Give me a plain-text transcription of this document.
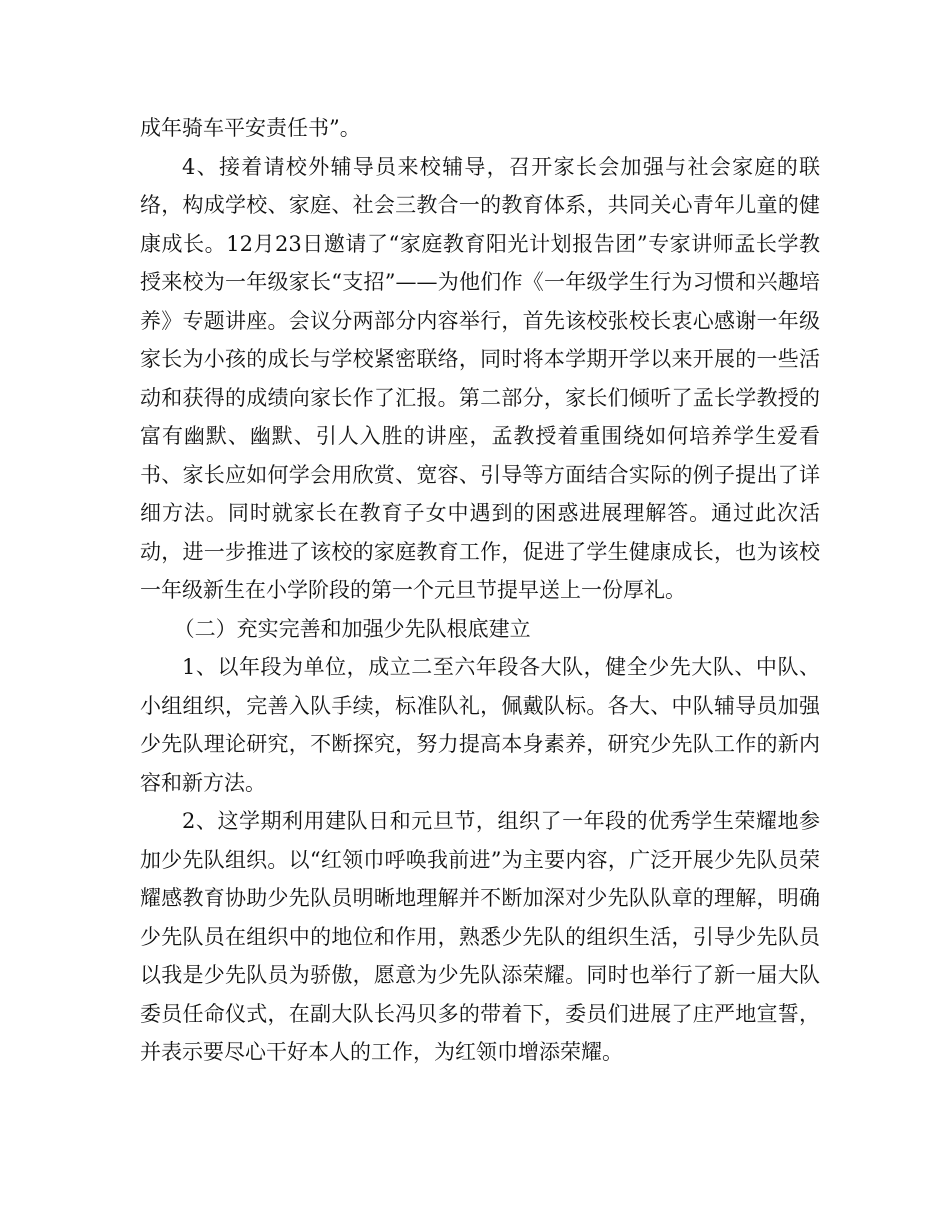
成年骑车平安责任书”。

4、接着请校外辅导员来校辅导，召开家长会加强与社会家庭的联络，构成学校、家庭、社会三教合一的教育体系，共同关心青年儿童的健康成长。12月23日邀请了“家庭教育阳光计划报告团”专家讲师孟长学教授来校为一年级家长“支招”——为他们作《一年级学生行为习惯和兴趣培养》专题讲座。会议分两部分内容举行，首先该校张校长衷心感谢一年级家长为小孩的成长与学校紧密联络，同时将本学期开学以来开展的一些活动和获得的成绩向家长作了汇报。第二部分，家长们倾听了孟长学教授的富有幽默、幽默、引人入胜的讲座，孟教授着重围绕如何培养学生爱看书、家长应如何学会用欣赏、宽容、引导等方面结合实际的例子提出了详细方法。同时就家长在教育子女中遇到的困惑进展理解答。通过此次活动，进一步推进了该校的家庭教育工作，促进了学生健康成长，也为该校一年级新生在小学阶段的第一个元旦节提早送上一份厚礼。

（二）充实完善和加强少先队根底建立

1、以年段为单位，成立二至六年段各大队，健全少先大队、中队、小组组织，完善入队手续，标准队礼，佩戴队标。各大、中队辅导员加强少先队理论研究，不断探究，努力提高本身素养，研究少先队工作的新内容和新方法。

2、这学期利用建队日和元旦节，组织了一年段的优秀学生荣耀地参加少先队组织。以“红领巾呼唤我前进”为主要内容，广泛开展少先队员荣耀感教育协助少先队员明晰地理解并不断加深对少先队队章的理解，明确少先队员在组织中的地位和作用，熟悉少先队的组织生活，引导少先队员以我是少先队员为骄傲，愿意为少先队添荣耀。同时也举行了新一届大队委员任命仪式，在副大队长冯贝多的带着下，委员们进展了庄严地宣誓，并表示要尽心干好本人的工作，为红领巾增添荣耀。
